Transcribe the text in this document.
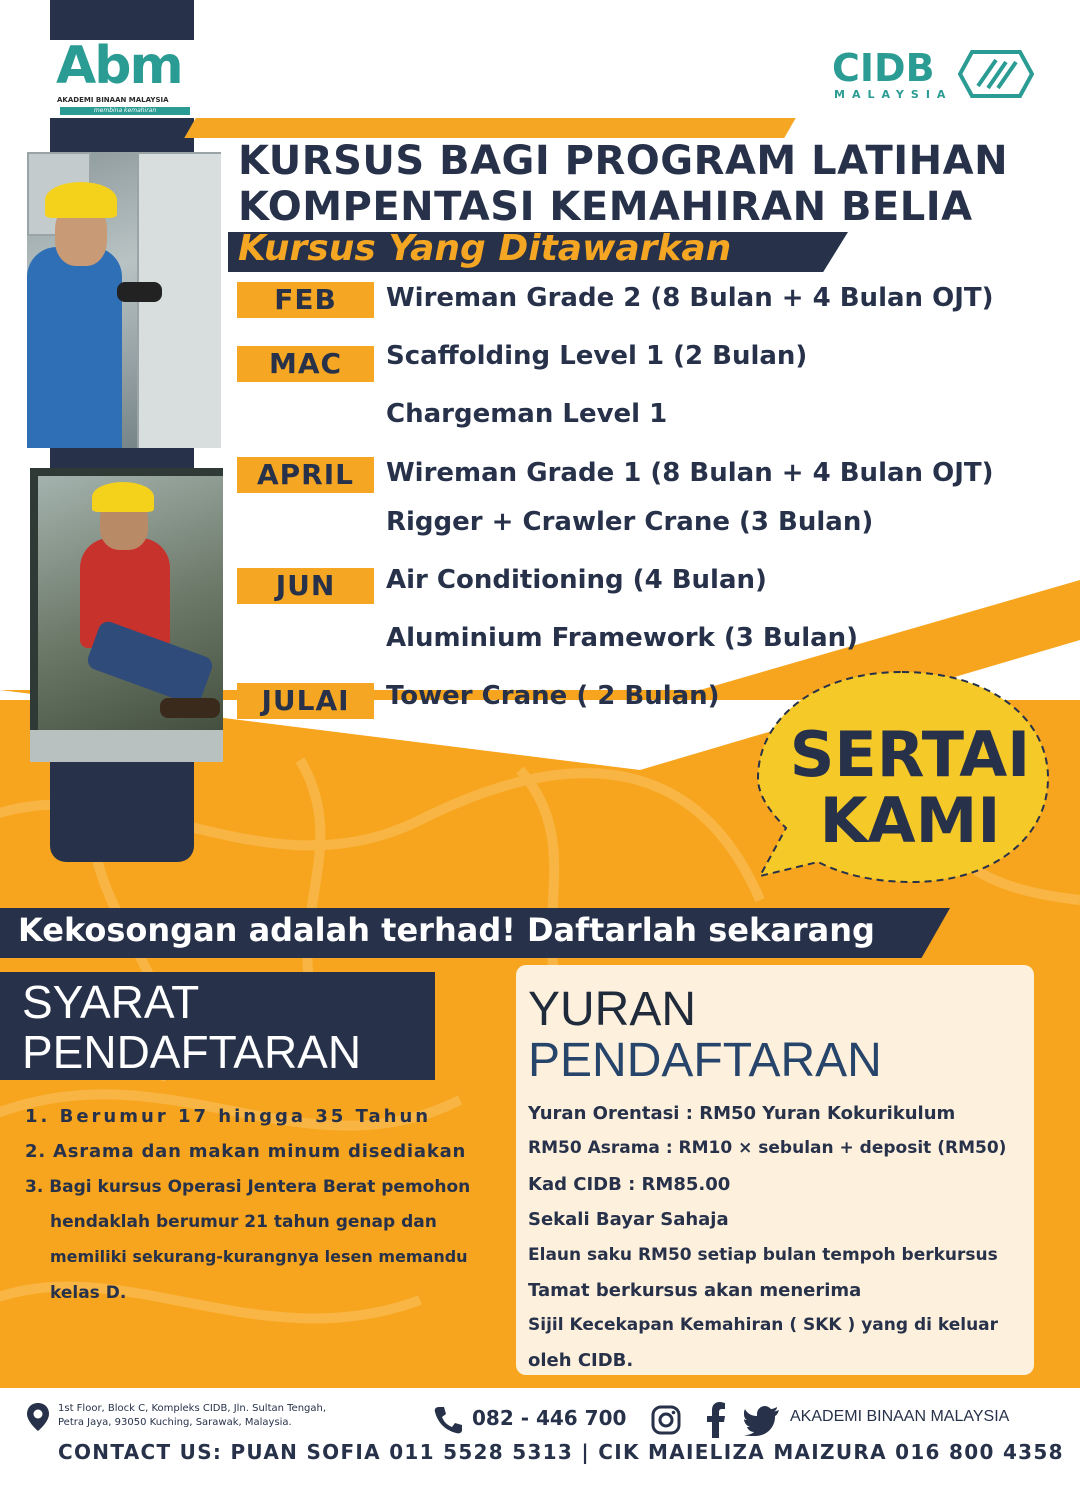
Abm
AKADEMI BINAAN MALAYSIA
membina kemahiran
CIDB
MALAYSIA
KURSUS BAGI PROGRAM LATIHAN
KOMPENTASI KEMAHIRAN BELIA
Kursus Yang Ditawarkan
FEB	Wireman Grade 2 (8 Bulan + 4 Bulan OJT)
MAC	Scaffolding Level 1 (2 Bulan)
Chargeman Level 1
APRIL	Wireman Grade 1 (8 Bulan + 4 Bulan OJT)
Rigger + Crawler Crane (3 Bulan)
JUN	Air Conditioning (4 Bulan)
Aluminium Framework (3 Bulan)
JULAI	Tower Crane ( 2 Bulan)
SERTAI
KAMI
Kekosongan adalah terhad! Daftarlah sekarang
SYARAT
PENDAFTARAN
1. Berumur 17 hingga 35 Tahun
2. Asrama dan makan minum disediakan
3. Bagi kursus Operasi Jentera Berat pemohon
hendaklah berumur 21 tahun genap dan
memiliki sekurang-kurangnya lesen memandu
kelas D.
YURAN
PENDAFTARAN
Yuran Orentasi : RM50 Yuran Kokurikulum
RM50 Asrama : RM10 × sebulan + deposit (RM50)
Kad CIDB : RM85.00
Sekali Bayar Sahaja
Elaun saku RM50 setiap bulan tempoh berkursus
Tamat berkursus akan menerima
Sijil Kecekapan Kemahiran ( SKK ) yang di keluar
oleh CIDB.
1st Floor, Block C, Kompleks CIDB, Jln. Sultan Tengah,
Petra Jaya, 93050 Kuching, Sarawak, Malaysia.	082 - 446 700	AKADEMI BINAAN MALAYSIA
CONTACT US: PUAN SOFIA 011 5528 5313 | CIK MAIELIZA MAIZURA 016 800 4358
